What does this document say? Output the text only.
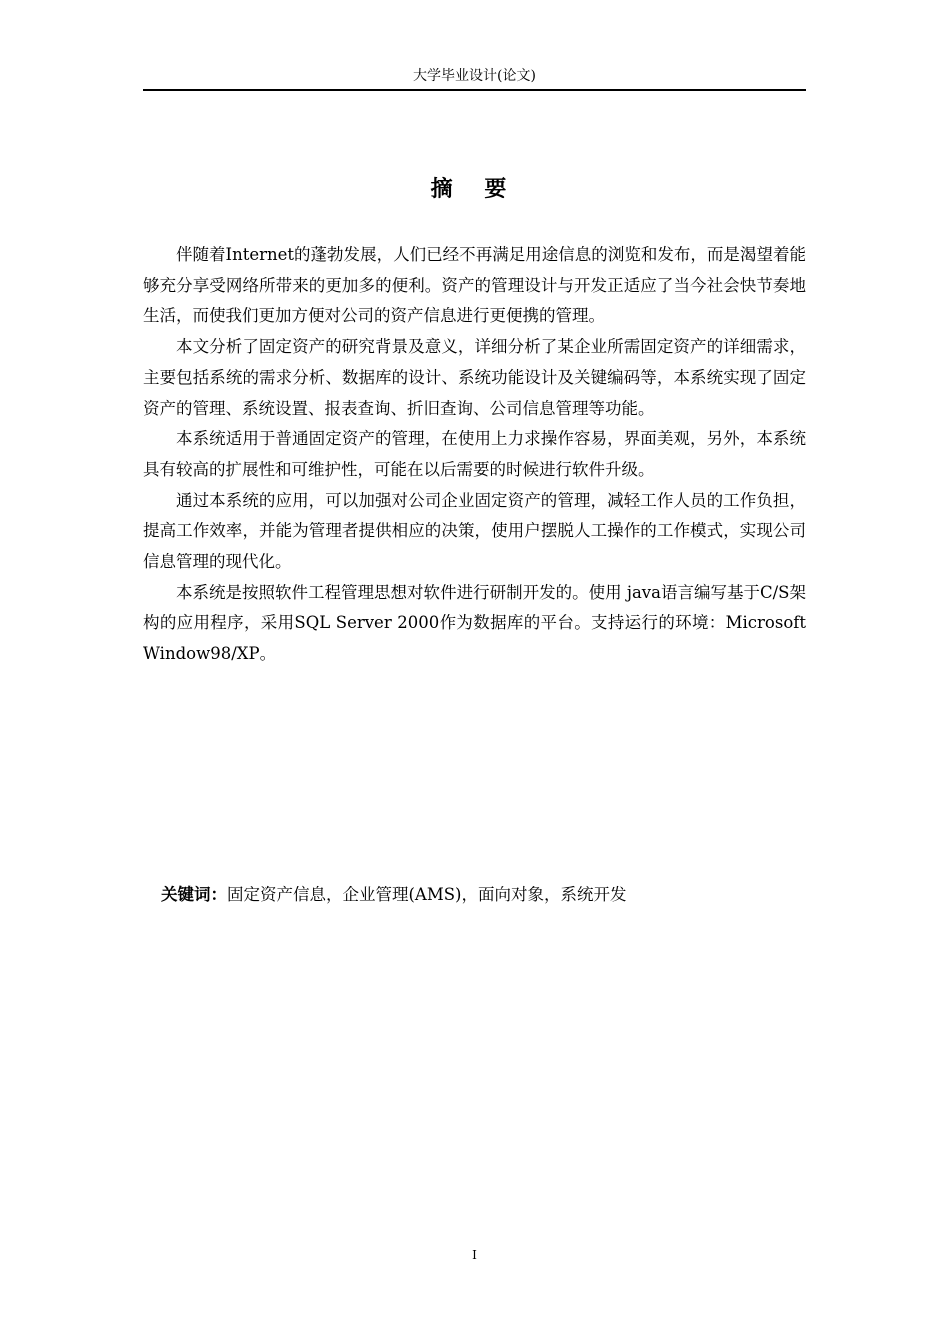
大学毕业设计(论文)
摘 要

伴随着Internet的蓬勃发展，人们已经不再满足用途信息的浏览和发布，而是渴望着能够充分享受网络所带来的更加多的便利。资产的管理设计与开发正适应了当今社会快节奏地生活，而使我们更加方便对公司的资产信息进行更便携的管理。

本文分析了固定资产的研究背景及意义，详细分析了某企业所需固定资产的详细需求，主要包括系统的需求分析、数据库的设计、系统功能设计及关键编码等，本系统实现了固定资产的管理、系统设置、报表查询、折旧查询、公司信息管理等功能。

本系统适用于普通固定资产的管理，在使用上力求操作容易，界面美观，另外，本系统具有较高的扩展性和可维护性，可能在以后需要的时候进行软件升级。

通过本系统的应用，可以加强对公司企业固定资产的管理，减轻工作人员的工作负担，提高工作效率，并能为管理者提供相应的决策，使用户摆脱人工操作的工作模式，实现公司信息管理的现代化。

本系统是按照软件工程管理思想对软件进行研制开发的。使用 java语言编写基于C/S架构的应用程序，采用SQL Server 2000作为数据库的平台。支持运行的环境：Microsoft Window98/XP。

关键词：固定资产信息，企业管理(AMS)，面向对象，系统开发
I
